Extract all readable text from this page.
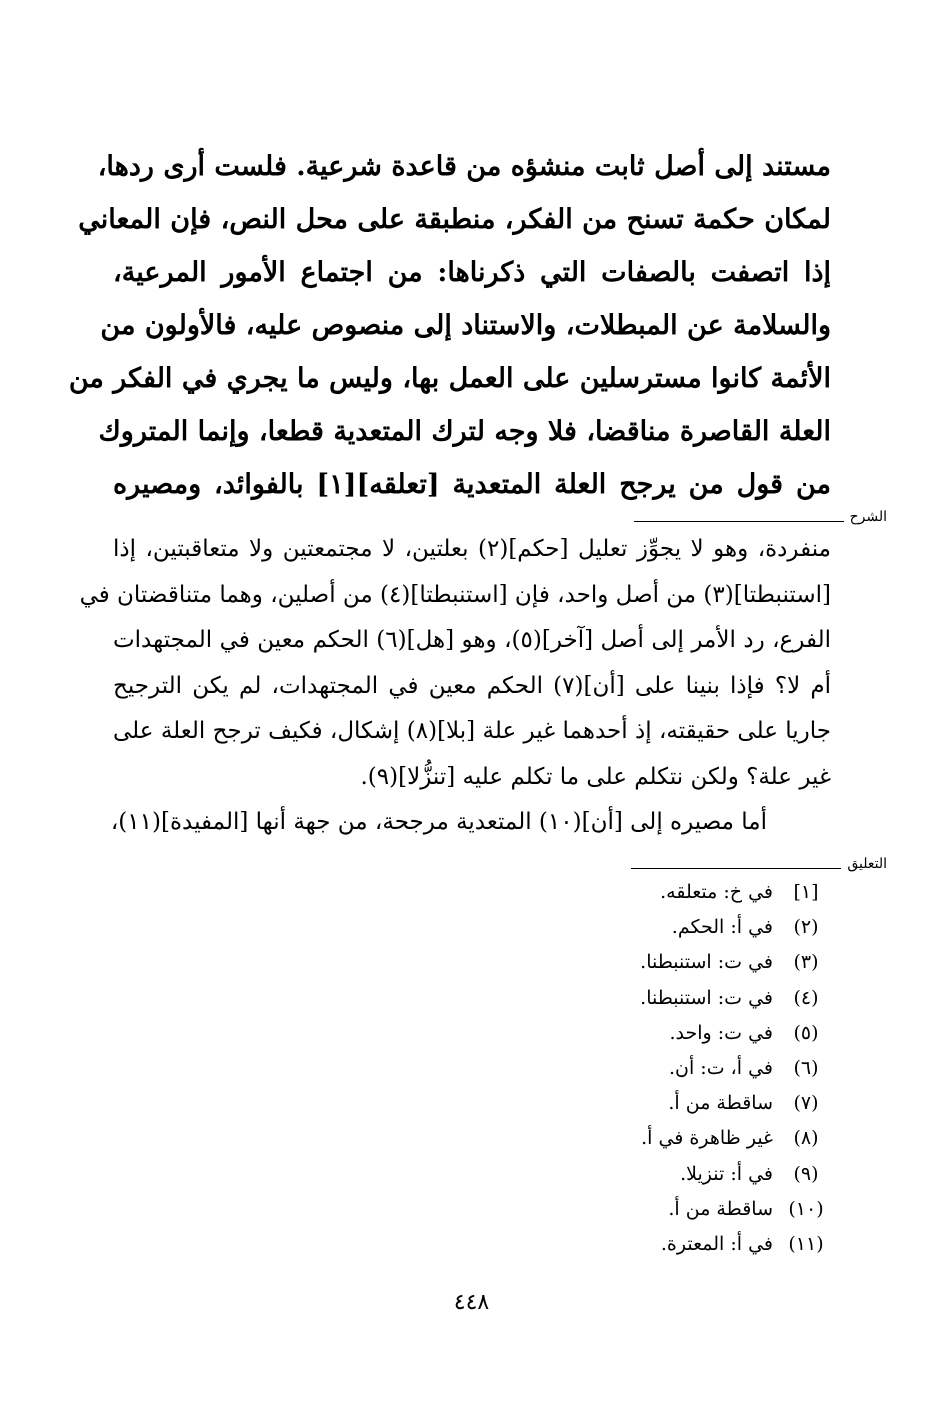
مستند إلى أصل ثابت منشؤه من قاعدة شرعية. فلست أرى ردها،
لمكان حكمة تسنح من الفكر، منطبقة على محل النص، فإن المعاني
إذا اتصفت بالصفات التي ذكرناها: من اجتماع الأمور المرعية،
والسلامة عن المبطلات، والاستناد إلى منصوص عليه، فالأولون من
الأئمة كانوا مسترسلين على العمل بها، وليس ما يجري في الفكر من
العلة القاصرة مناقضا، فلا وجه لترك المتعدية قطعا، وإنما المتروك
من قول من يرجح العلة المتعدية [تعلقه][١] بالفوائد، ومصيره
الشرح
منفردة، وهو لا يجوِّز تعليل [حكم](٢) بعلتين، لا مجتمعتين ولا متعاقبتين، إذا
[استنبطتا](٣) من أصل واحد، فإن [استنبطتا](٤) من أصلين، وهما متناقضتان في
الفرع، رد الأمر إلى أصل [آخر](٥)، وهو [هل](٦) الحكم معين في المجتهدات
أم لا؟ فإذا بنينا على [أن](٧) الحكم معين في المجتهدات، لم يكن الترجيح
جاريا على حقيقته، إذ أحدهما غير علة [بلا](٨) إشكال، فكيف ترجح العلة على
غير علة؟ ولكن نتكلم على ما تكلم عليه [تنزُّلا](٩).
أما مصيره إلى [أن](١٠) المتعدية مرجحة، من جهة أنها [المفيدة](١١)،
التعليق
[١]
في خ: متعلقه.
(٢)
في أ: الحكم.
(٣)
في ت: استنبطنا.
(٤)
في ت: استنبطنا.
(٥)
في ت: واحد.
(٦)
في أ، ت: أن.
(٧)
ساقطة من أ.
(٨)
غير ظاهرة في أ.
(٩)
في أ: تنزيلا.
(١٠)
ساقطة من أ.
(١١)
في أ: المعترة.
٤٤٨
